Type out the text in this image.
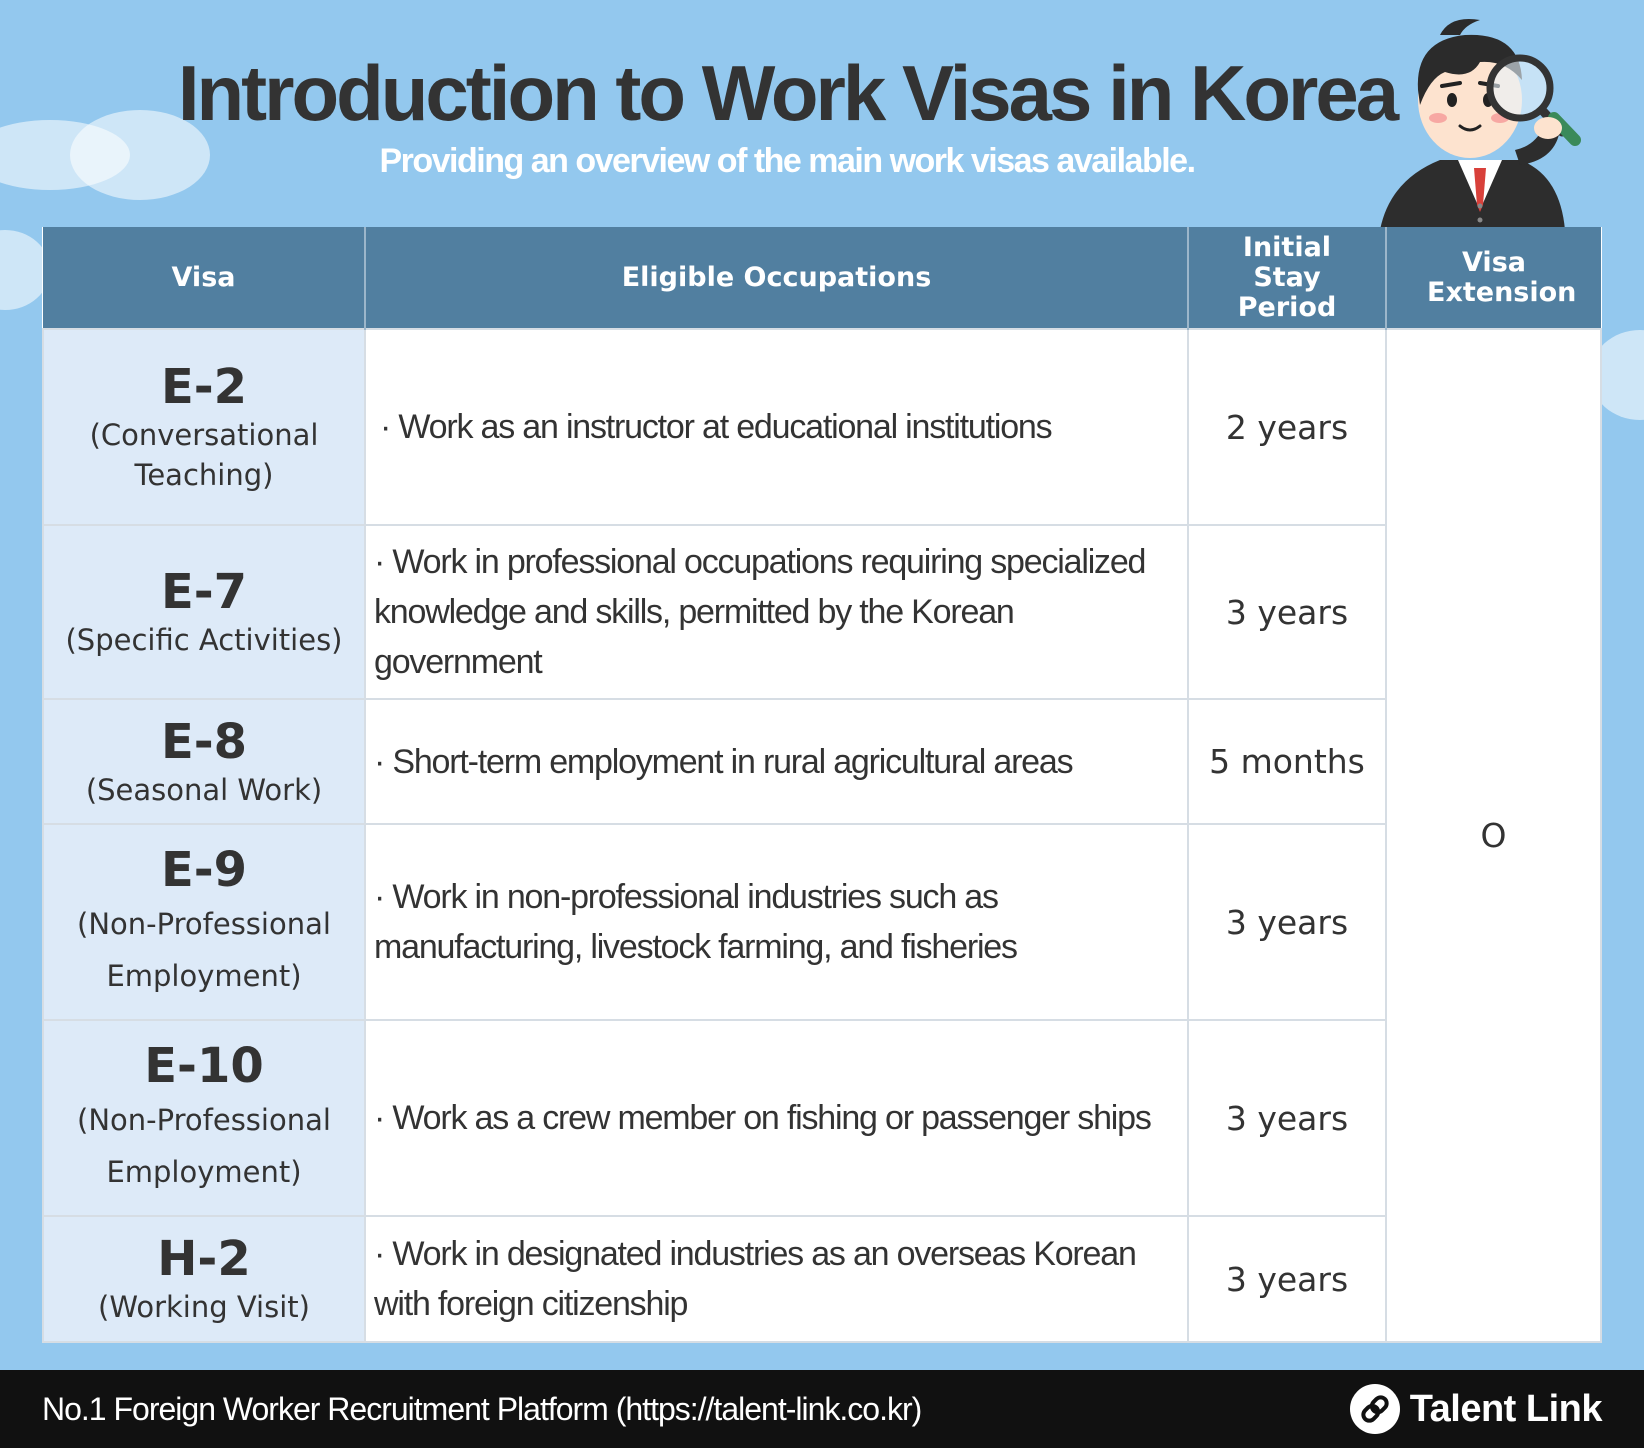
Introduction to Work Visas in Korea
Providing an overview of the main work visas available.
Visa	Eligible Occupations	Initial Stay Period	Visa Extension

E-2
(Conversational Teaching)	· Work as an instructor at educational institutions	2 years	O

E-7
(Specific Activities)	· Work in professional occupations requiring specialized knowledge and skills, permitted by the Korean government	3 years	

E-8
(Seasonal Work)	· Short-term employment in rural agricultural areas	5 months	

E-9
(Non-Professional Employment)	· Work in non-professional industries such as manufacturing, livestock farming, and fisheries	3 years	

E-10
(Non-Professional Employment)	· Work as a crew member on fishing or passenger ships	3 years	

H-2
(Working Visit)	· Work in designated industries as an overseas Korean with foreign citizenship	3 years	
No.1 Foreign Worker Recruitment Platform (https://talent-link.co.kr)	Talent Link
